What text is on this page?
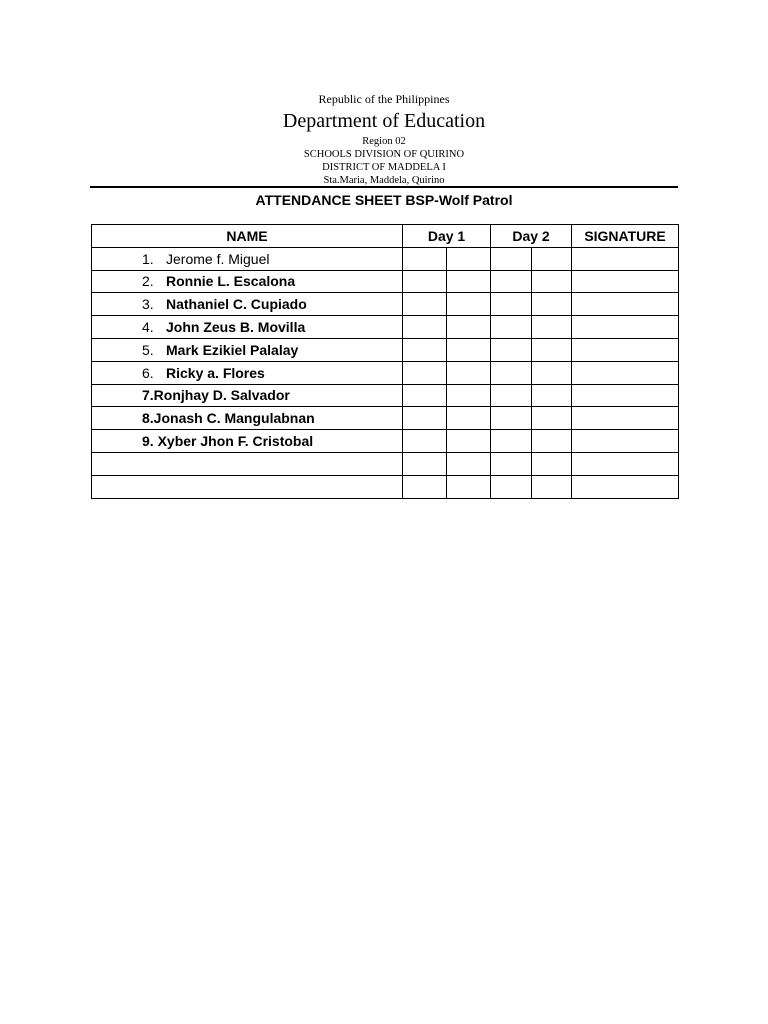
Republic of the Philippines
Department of Education
Region 02
SCHOOLS DIVISION OF QUIRINO
DISTRICT OF MADDELA I
Sta.Maria, Maddela, Quirino
ATTENDANCE SHEET BSP-Wolf Patrol
NAME	Day 1		Day 2		SIGNATURE
1. Jerome f. Miguel					
2. Ronnie L. Escalona					
3. Nathaniel C. Cupiado					
4. John Zeus B. Movilla					
5. Mark Ezikiel Palalay					
6. Ricky a. Flores					
7.Ronjhay D. Salvador					
8.Jonash C. Mangulabnan					
9. Xyber Jhon F. Cristobal					
